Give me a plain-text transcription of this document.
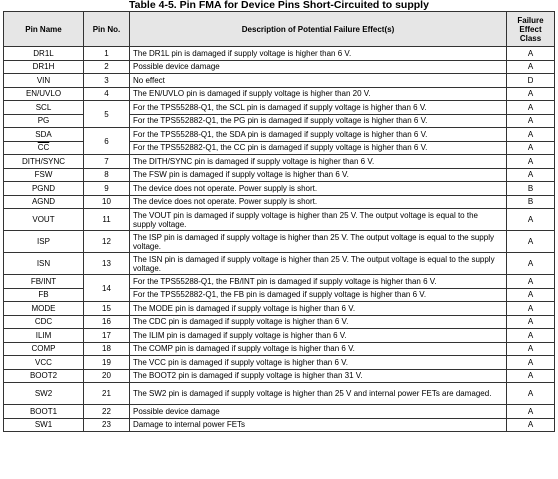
Table 4-5. Pin FMA for Device Pins Short-Circuited to supply
Pin Name	Pin No.	Description of Potential Failure Effect(s)	Failure Effect Class
DR1L	1	The DR1L pin is damaged if supply voltage is higher than 6 V.	A
DR1H	2	Possible device damage	A
VIN	3	No effect	D
EN/UVLO	4	The EN/UVLO pin is damaged if supply voltage is higher than 20 V.	A
SCL	5	For the TPS55288-Q1, the SCL pin is damaged if supply voltage is higher than 6 V.	A
PG		For the TPS552882-Q1, the PG pin is damaged if supply voltage is higher than 6 V.	A
SDA	6	For the TPS55288-Q1, the SDA pin is damaged if supply voltage is higher than 6 V.	A
$\overline{CC}$		For the TPS552882-Q1, the CC pin is damaged if supply voltage is higher than 6 V.	A
DITH/SYNC	7	The DITH/SYNC pin is damaged if supply voltage is higher than 6 V.	A
FSW	8	The FSW pin is damaged if supply voltage is higher than 6 V.	A
PGND	9	The device does not operate. Power supply is short.	B
AGND	10	The device does not operate. Power supply is short.	B
VOUT	11	The VOUT pin is damaged if supply voltage is higher than 25 V. The output voltage is equal to the supply voltage.	A
ISP	12	The ISP pin is damaged if supply voltage is higher than 25 V. The output voltage is equal to the supply voltage.	A
ISN	13	The ISN pin is damaged if supply voltage is higher than 25 V. The output voltage is equal to the supply voltage.	A
FB/INT	14	For the TPS55288-Q1, the FB/INT pin is damaged if supply voltage is higher than 6 V.	A
FB		For the TPS552882-Q1, the FB pin is damaged if supply voltage is higher than 6 V.	A
MODE	15	The MODE pin is damaged if supply voltage is higher than 6 V.	A
CDC	16	The CDC pin is damaged if supply voltage is higher than 6 V.	A
ILIM	17	The ILIM pin is damaged if supply voltage is higher than 6 V.	A
COMP	18	The COMP pin is damaged if supply voltage is higher than 6 V.	A
VCC	19	The VCC pin is damaged if supply voltage is higher than 6 V.	A
BOOT2	20	The BOOT2 pin is damaged if supply voltage is higher than 31 V.	A
SW2	21	The SW2 pin is damaged if supply voltage is higher than 25 V and internal power FETs are damaged.	A
BOOT1	22	Possible device damage	A
SW1	23	Damage to internal power FETs	A
